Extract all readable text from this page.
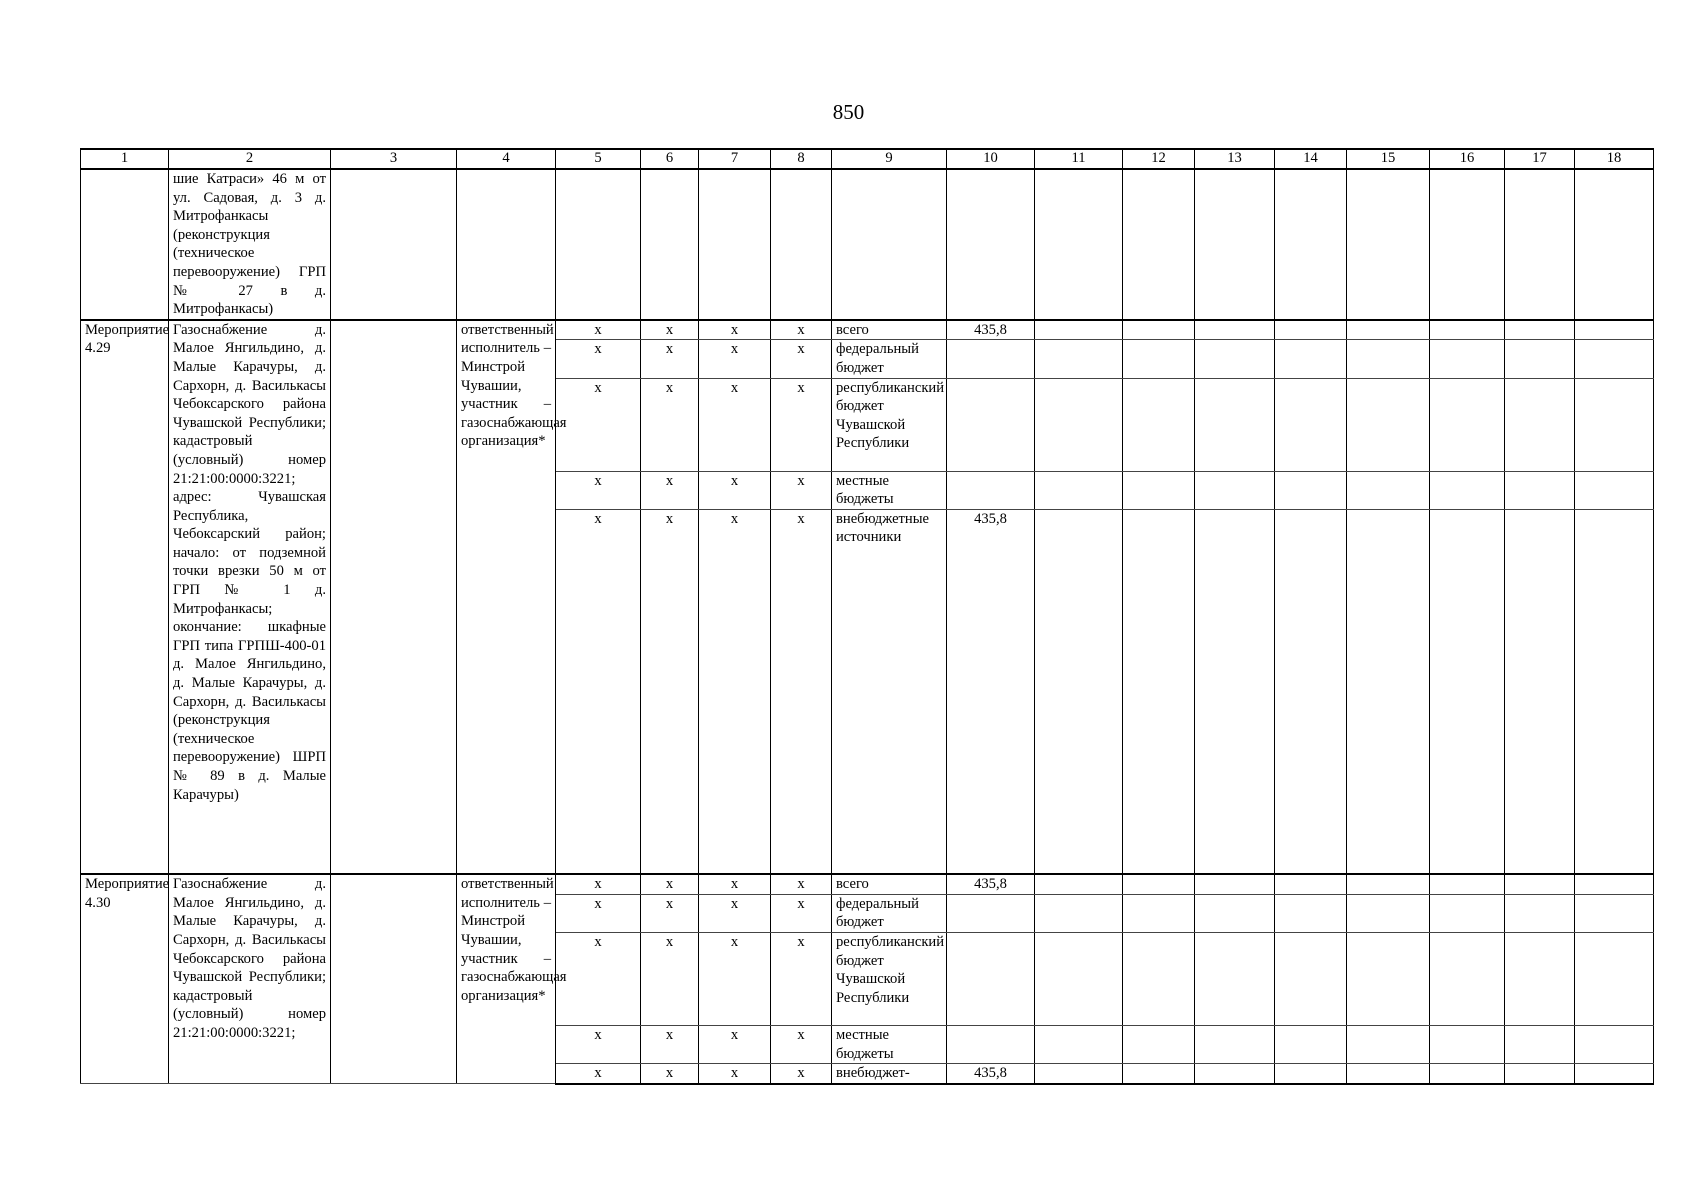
850
1	2	3	4	5	6	7	8	9	10	11	12	13	14	15	16	17	18
	шие Катраси» 46 м от ул. Садовая, д. 3 д. Митрофанкасы (реконструкция (техническое перевооружение) ГРП № 27 в д. Митрофанкасы)																
Мероприятие 4.29	Газоснабжение д. Малое Янгильдино, д. Малые Карачуры, д. Сархорн, д. Василькасы Чебоксарского района Чувашской Республики; кадастровый (условный) номер 21:21:00:0000:3221; адрес: Чувашская Республика, Чебоксарский район; начало: от подземной точки врезки 50 м от ГРП № 1 д. Митрофанкасы; окончание: шкафные ГРП типа ГРПШ-400-01 д. Малое Янгильдино, д. Малые Карачуры, д. Сархорн, д. Василькасы (реконструкция (техническое перевооружение) ШРП № 89 в д. Малые Карачуры)		ответственный исполнитель – Минстрой Чувашии, участник – газоснабжающая организация*	x	x	x	x	всего	435,8								
				x	x	x	x	федеральный бюджет									
				x	x	x	x	республиканский бюджет Чувашской Республики									
				x	x	x	x	местные бюджеты									
				x	x	x	x	внебюджетные источники	435,8								
Мероприятие 4.30	Газоснабжение д. Малое Янгильдино, д. Малые Карачуры, д. Сархорн, д. Василькасы Чебоксарского района Чувашской Республики; кадастровый (условный) номер 21:21:00:0000:3221;		ответственный исполнитель – Минстрой Чувашии, участник – газоснабжающая организация*	x	x	x	x	всего	435,8								
				x	x	x	x	федеральный бюджет									
				x	x	x	x	республиканский бюджет Чувашской Республики									
				x	x	x	x	местные бюджеты									
				x	x	x	x	внебюджет-	435,8								
